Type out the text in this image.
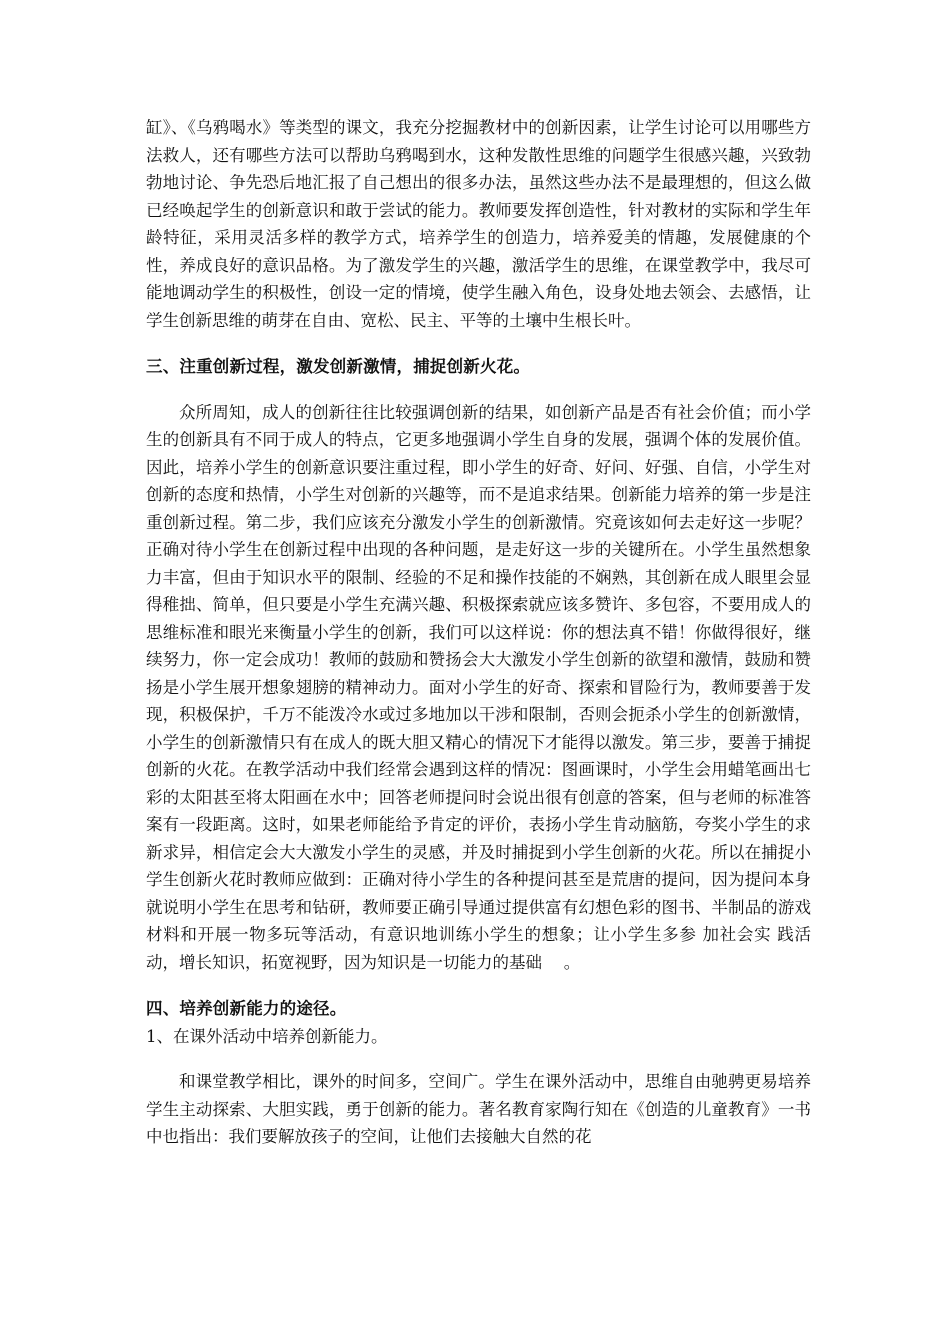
缸》、《乌鸦喝水》等类型的课文，我充分挖掘教材中的创新因素，让学生讨论可以用哪些方法救人，还有哪些方法可以帮助乌鸦喝到水，这种发散性思维的问题学生很感兴趣，兴致勃勃地讨论、争先恐后地汇报了自己想出的很多办法，虽然这些办法不是最理想的，但这么做已经唤起学生的创新意识和敢于尝试的能力。教师要发挥创造性，针对教材的实际和学生年龄特征，采用灵活多样的教学方式，培养学生的创造力，培养爱美的情趣，发展健康的个性，养成良好的意识品格。为了激发学生的兴趣，激活学生的思维，在课堂教学中，我尽可能地调动学生的积极性，创设一定的情境，使学生融入角色，设身处地去领会、去感悟，让学生创新思维的萌芽在自由、宽松、民主、平等的土壤中生根长叶。

三、注重创新过程，激发创新激情，捕捉创新火花。

众所周知，成人的创新往往比较强调创新的结果，如创新产品是否有社会价值；而小学生的创新具有不同于成人的特点，它更多地强调小学生自身的发展，强调个体的发展价值。因此，培养小学生的创新意识要注重过程，即小学生的好奇、好问、好强、自信，小学生对创新的态度和热情，小学生对创新的兴趣等，而不是追求结果。创新能力培养的第一步是注重创新过程。第二步，我们应该充分激发小学生的创新激情。究竟该如何去走好这一步呢？正确对待小学生在创新过程中出现的各种问题，是走好这一步的关键所在。小学生虽然想象力丰富，但由于知识水平的限制、经验的不足和操作技能的不娴熟，其创新在成人眼里会显得稚拙、简单，但只要是小学生充满兴趣、积极探索就应该多赞许、多包容，不要用成人的思维标准和眼光来衡量小学生的创新，我们可以这样说：你的想法真不错！你做得很好，继续努力，你一定会成功！教师的鼓励和赞扬会大大激发小学生创新的欲望和激情，鼓励和赞扬是小学生展开想象翅膀的精神动力。面对小学生的好奇、探索和冒险行为，教师要善于发现，积极保护，千万不能泼冷水或过多地加以干涉和限制，否则会扼杀小学生的创新激情，小学生的创新激情只有在成人的既大胆又精心的情况下才能得以激发。第三步，要善于捕捉创新的火花。在教学活动中我们经常会遇到这样的情况：图画课时，小学生会用蜡笔画出七彩的太阳甚至将太阳画在水中；回答老师提问时会说出很有创意的答案，但与老师的标准答案有一段距离。这时，如果老师能给予肯定的评价，表扬小学生肯动脑筋，夸奖小学生的求新求异，相信定会大大激发小学生的灵感，并及时捕捉到小学生创新的火花。所以在捕捉小学生创新火花时教师应做到：正确对待小学生的各种提问甚至是荒唐的提问，因为提问本身就说明小学生在思考和钻研，教师要正确引导通过提供富有幻想色彩的图书、半制品的游戏材料和开展一物多玩等活动，有意识地训练小学生的想象；让小学生多参 加社会实 践活动，增长知识，拓宽视野，因为知识是一切能力的基础　 。

四、培养创新能力的途径。

1、在课外活动中培养创新能力。

和课堂教学相比，课外的时间多，空间广。学生在课外活动中，思维自由驰骋更易培养学生主动探索、大胆实践，勇于创新的能力。著名教育家陶行知在《创造的儿童教育》一书中也指出：我们要解放孩子的空间，让他们去接触大自然的花
